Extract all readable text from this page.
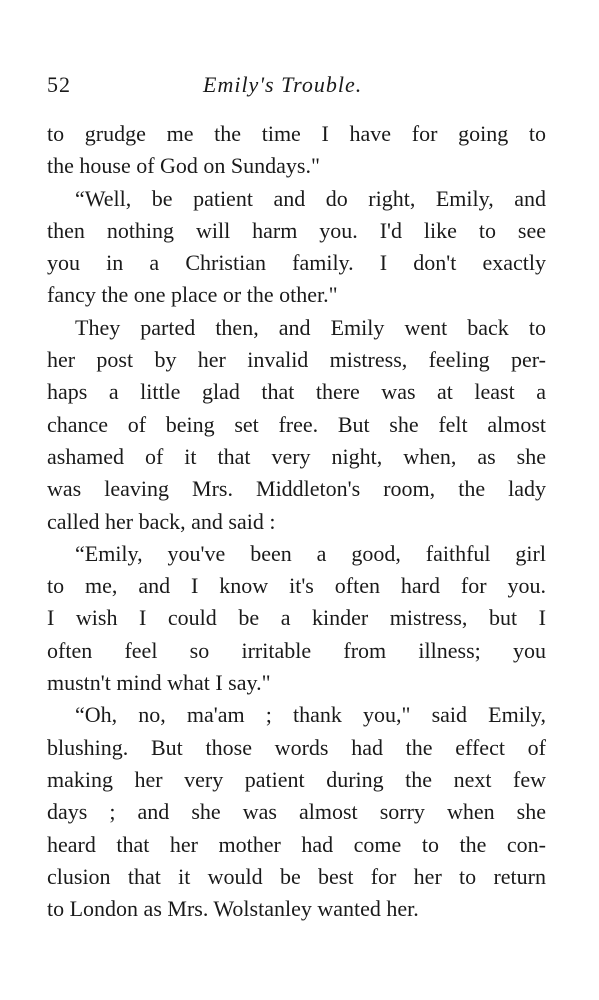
52	Emily's Trouble.
to grudge me the time I have for going to
the house of God on Sundays."
“Well, be patient and do right, Emily, and
then nothing will harm you. I'd like to see
you in a Christian family. I don't exactly
fancy the one place or the other."
They parted then, and Emily went back to
her post by her invalid mistress, feeling per-
haps a little glad that there was at least a
chance of being set free. But she felt almost
ashamed of it that very night, when, as she
was leaving Mrs. Middleton's room, the lady
called her back, and said :
“Emily, you've been a good, faithful girl
to me, and I know it's often hard for you.
I wish I could be a kinder mistress, but I
often feel so irritable from illness; you
mustn't mind what I say."
“Oh, no, ma'am ; thank you," said Emily,
blushing. But those words had the effect of
making her very patient during the next few
days ; and she was almost sorry when she
heard that her mother had come to the con-
clusion that it would be best for her to return
to London as Mrs. Wolstanley wanted her.
